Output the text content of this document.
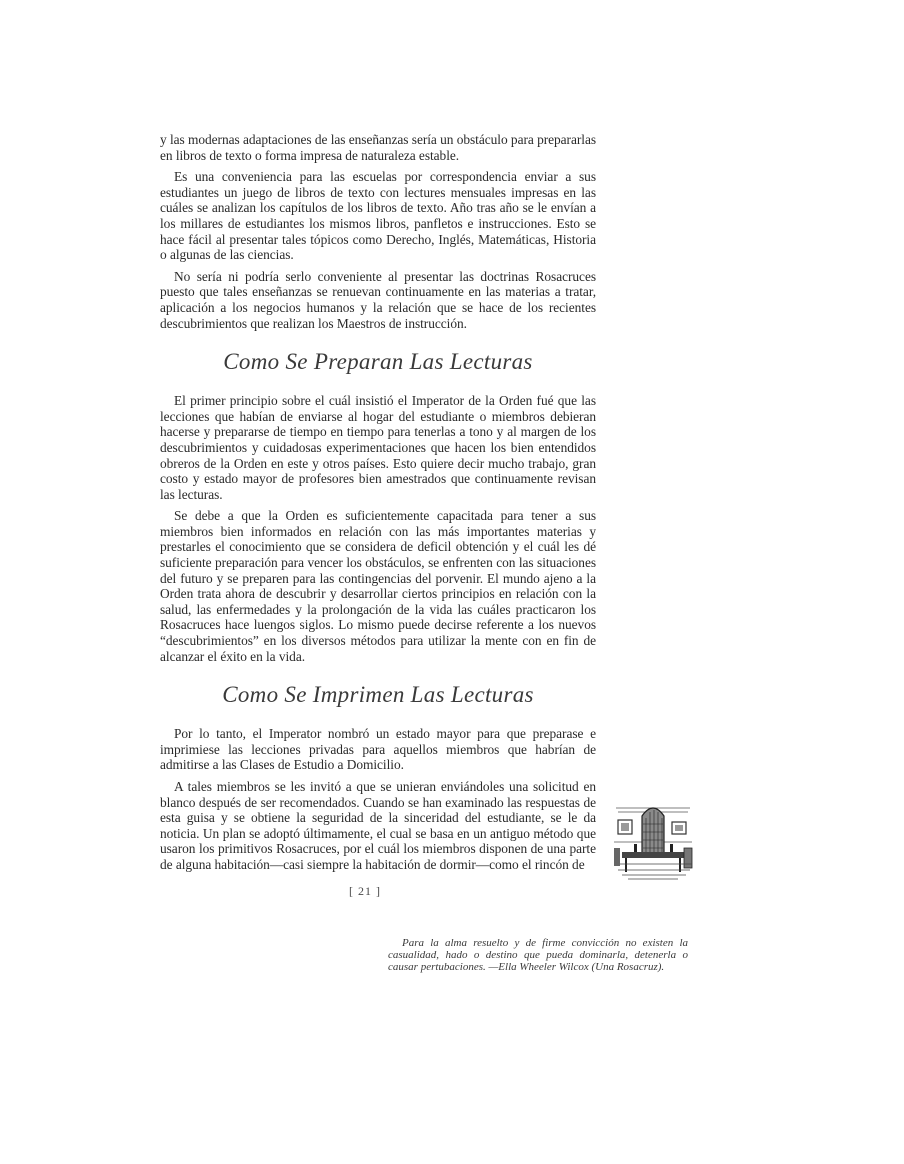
y las modernas adaptaciones de las enseñanzas sería un obstáculo para prepararlas en libros de texto o forma impresa de naturaleza estable.

Es una conveniencia para las escuelas por correspondencia enviar a sus estudiantes un juego de libros de texto con lectures mensuales impresas en las cuáles se analizan los capítulos de los libros de texto. Año tras año se le envían a los millares de estudiantes los mismos libros, panfletos e instrucciones. Esto se hace fácil al presentar tales tópicos como Derecho, Inglés, Matemáticas, Historia o algunas de las ciencias.

No sería ni podría serlo conveniente al presentar las doctrinas Rosacruces puesto que tales enseñanzas se renuevan continuamente en las materias a tratar, aplicación a los negocios humanos y la relación que se hace de los recientes descubrimientos que realizan los Maestros de instrucción.

Como Se Preparan Las Lecturas

El primer principio sobre el cuál insistió el Imperator de la Orden fué que las lecciones que habían de enviarse al hogar del estudiante o miembros debieran hacerse y prepararse de tiempo en tiempo para tenerlas a tono y al margen de los descubrimientos y cuidadosas experimentaciones que hacen los bien entendidos obreros de la Orden en este y otros países. Esto quiere decir mucho trabajo, gran costo y estado mayor de profesores bien amestrados que continuamente revisan las lecturas.

Se debe a que la Orden es suficientemente capacitada para tener a sus miembros bien informados en relación con las más importantes materias y prestarles el conocimiento que se considera de deficil obtención y el cuál les dé suficiente preparación para vencer los obstáculos, se enfrenten con las situaciones del futuro y se preparen para las contingencias del porvenir. El mundo ajeno a la Orden trata ahora de descubrir y desarrollar ciertos principios en relación con la salud, las enfermedades y la prolongación de la vida las cuáles practicaron los Rosacruces hace luengos siglos. Lo mismo puede decirse referente a los nuevos “descubrimientos” en los diversos métodos para utilizar la mente con en fin de alcanzar el éxito en la vida.

Como Se Imprimen Las Lecturas

Por lo tanto, el Imperator nombró un estado mayor para que preparase e imprimiese las lecciones privadas para aquellos miembros que habrían de admitirse a las Clases de Estudio a Domicilio.

A tales miembros se les invitó a que se unieran enviándoles una solicitud en blanco después de ser recomendados. Cuando se han examinado las respuestas de esta guisa y se obtiene la seguridad de la sinceridad del estudiante, se le da noticia. Un plan se adoptó últimamente, el cual se basa en un antiguo método que usaron los primitivos Rosacruces, por el cuál los miembros disponen de una parte de alguna habitación—casi siempre la habitación de dormir—como el rincón de

[ 21 ]
Para la alma resuelto y de firme convicción no existen la casualidad, hado o destino que pueda dominarla, detenerla o causar pertubaciones. —Ella Wheeler Wilcox (Una Rosacruz).
